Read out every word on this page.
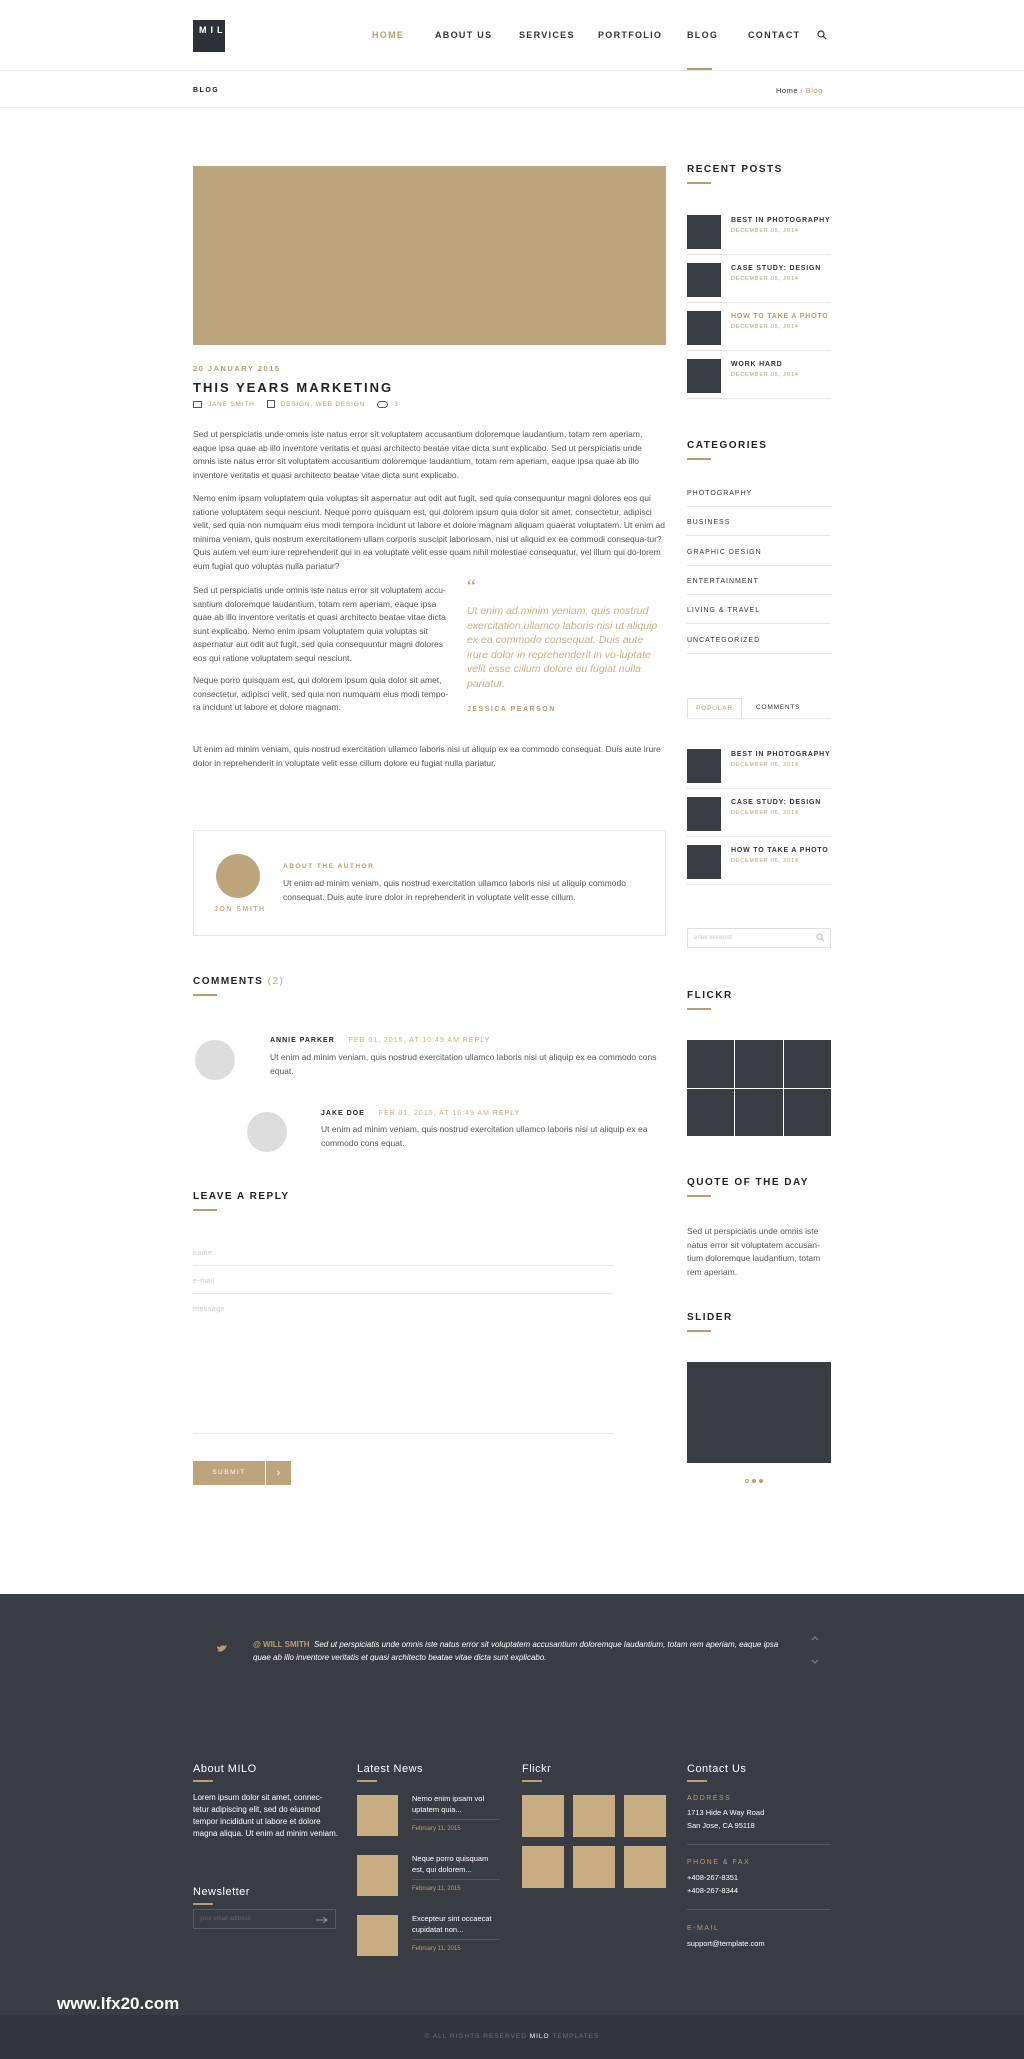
MILO	HOME	ABOUT US	SERVICES	PORTFOLIO	BLOG	CONTACT
BLOG	Home / Blog
20 JANUARY 2015
THIS YEARS MARKETING
JANE SMITH	DESIGN, WEB DESIGN	3

Sed ut perspiciatis unde omnis iste natus error sit voluptatem accusantium doloremque laudantium, totam rem aperiam, eaque ipsa quae ab illo inventore veritatis et quasi architecto beatae vitae dicta sunt explicabo. Sed ut perspiciatis unde omnis iste natus error sit voluptatem accusantium doloremque laudantium, totam rem aperiam, eaque ipsa quae ab illo inventore veritatis et quasi architecto beatae vitae dicta sunt explicabo.

Nemo enim ipsam voluptatem quia voluptas sit aspernatur aut odit aut fugit, sed quia consequuntur magni dolores eos qui ratione voluptatem sequi nesciunt. Neque porro quisquam est, qui dolorem ipsum quia dolor sit amet, consectetur, adipisci velit, sed quia non numquam eius modi tempora incidunt ut labore et dolore magnam aliquam quaerat voluptatem. Ut enim ad minima veniam, quis nostrum exercitationem ullam corporis suscipit laboriosam, nisi ut aliquid ex ea commodi consequa-tur? Quis autem vel eum iure reprehenderit qui in ea voluptate velit esse quam nihil molestiae consequatur, vel illum qui do-lorem eum fugiat quo voluptas nulla pariatur?

Sed ut perspiciatis unde omnis iste natus error sit voluptatem accu-santium doloremque laudantium, totam rem aperiam, eaque ipsa quae ab illo inventore veritatis et quasi architecto beatae vitae dicta sunt explicabo. Nemo enim ipsam voluptatem quia voluptas sit aspernatur aut odit aut fugit, sed quia consequuntur magni dolores eos qui ratione voluptatem sequi nesciunt.

Neque porro quisquam est, qui dolorem ipsum quia dolor sit amet, consectetur, adipisci velit, sed quia non numquam eius modi tempo-ra incidunt ut labore et dolore magnam.

“

Ut enim ad minim veniam, quis nostrud exercitation ullamco laboris nisi ut aliquip ex ea commodo consequat. Duis aute irure dolor in reprehenderit in vo-luptate velit esse cillum dolore eu fugiat nulla pariatur.

JESSICA PEARSON

Ut enim ad minim veniam, quis nostrud exercitation ullamco laboris nisi ut aliquip ex ea commodo consequat. Duis aute irure dolor in reprehenderit in voluptate velit esse cillum dolore eu fugiat nulla pariatur.

JON SMITH
ABOUT THE AUTHOR

Ut enim ad minim veniam, quis nostrud exercitation ullamco laboris nisi ut aliquip commodo consequat. Duis aute irure dolor in reprehenderit in voluptate velit esse cillum.

COMMENTS (2)
ANNIE PARKER FEB 01, 2015, AT 10:49 AM REPLY

Ut enim ad minim veniam, quis nostrud exercitation ullamco laboris nisi ut aliquip ex ea commodo cons equat.

JAKE DOE FEB 01, 2015, AT 10:49 AM REPLY

Ut enim ad minim veniam, quis nostrud exercitation ullamco laboris nisi ut aliquip ex ea commodo cons equat.

LEAVE A REPLY
name
e-mail
message
SUBMIT	›
RECENT POSTS
BEST IN PHOTOGRAPHY
DECEMBER 05, 2014
CASE STUDY: DESIGN
DECEMBER 05, 2014
HOW TO TAKE A PHOTO
DECEMBER 05, 2014
WORK HARD
DECEMBER 05, 2014
CATEGORIES
PHOTOGRAPHY
BUSINESS
GRAPHIC DESIGN
ENTERTAINMENT
LIVING & TRAVEL
UNCATEGORIZED
POPULAR	COMMENTS
BEST IN PHOTOGRAPHY
DECEMBER 05, 2014
CASE STUDY: DESIGN
DECEMBER 05, 2014
HOW TO TAKE A PHOTO
DECEMBER 05, 2014
enter keyword
FLICKR
QUOTE OF THE DAY

Sed ut perspiciatis unde omnis iste natus error sit voluptatem accusan-tium doloremque laudantium, totam rem aperiam.

SLIDER

@ WILL SMITH Sed ut perspiciatis unde omnis iste natus error sit voluptatem accusantium doloremque laudantium, totam rem aperiam, eaque ipsa quae ab illo inventore veritatis et quasi architecto beatae vitae dicta sunt explicabo.

About MILO

Lorem ipsum dolor sit amet, connec-tetur adipiscing elit, sed do eiusmod tempor incididunt ut labore et dolore magna aliqua. Ut enim ad minim veniam.

Newsletter
your email address
Latest News
Nemo enim ipsam vol uptatem quia...
February 11, 2015
Neque porro quisquam est, qui dolorem...
February 11, 2015
Excepteur sint occaecat cupidatat non...
February 11, 2015
Flickr	Contact Us
ADDRESS
1713 Hide A Way Road
San Jose, CA 95118
PHONE & FAX
+408-267-8351
+408-267-8344
E-MAIL
support@template.com
© ALL RIGHTS RESERVED MILO TEMPLATES
www.lfx20.com
